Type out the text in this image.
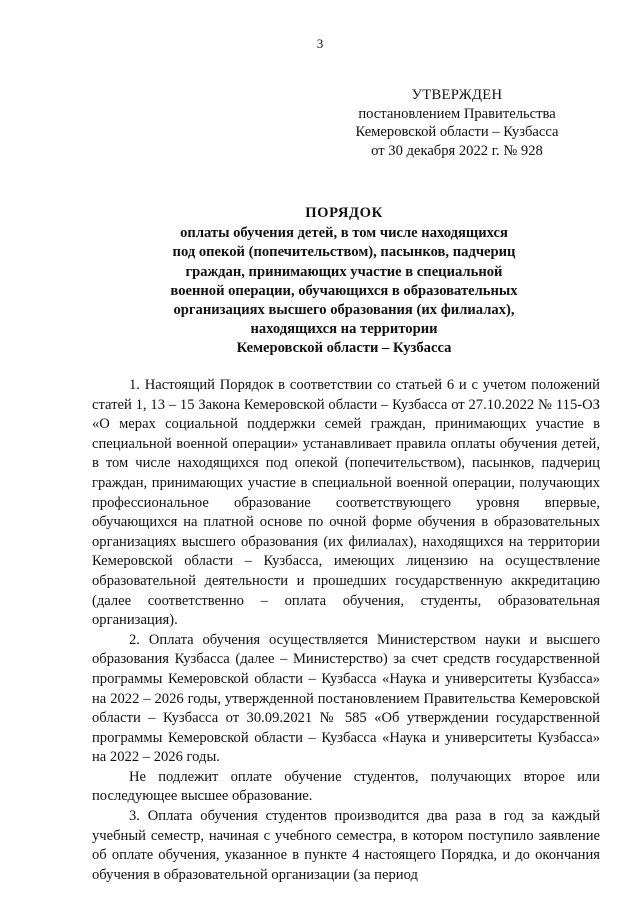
3
УТВЕРЖДЕН
постановлением Правительства
Кемеровской области – Кузбасса
от 30 декабря 2022 г. № 928
ПОРЯДОК
оплаты обучения детей, в том числе находящихся
под опекой (попечительством), пасынков, падчериц
граждан, принимающих участие в специальной
военной операции, обучающихся в образовательных
организациях высшего образования (их филиалах),
находящихся на территории
Кемеровской области – Кузбасса

1. Настоящий Порядок в соответствии со статьей 6 и с учетом положений статей 1, 13 – 15 Закона Кемеровской области – Кузбасса от 27.10.2022 № 115-ОЗ «О мерах социальной поддержки семей граждан, принимающих участие в специальной военной операции» устанавливает правила оплаты обучения детей, в том числе находящихся под опекой (попечительством), пасынков, падчериц граждан, принимающих участие в специальной военной операции, получающих профессиональное образование соответствующего уровня впервые, обучающихся на платной основе по очной форме обучения в образовательных организациях высшего образования (их филиалах), находящихся на территории Кемеровской области – Кузбасса, имеющих лицензию на осуществление образовательной деятельности и прошедших государственную аккредитацию (далее соответственно – оплата обучения, студенты, образовательная организация).

2. Оплата обучения осуществляется Министерством науки и высшего образования Кузбасса (далее – Министерство) за счет средств государственной программы Кемеровской области – Кузбасса «Наука и университеты Кузбасса» на 2022 – 2026 годы, утвержденной постановлением Правительства Кемеровской области – Кузбасса от 30.09.2021 № 585 «Об утверждении государственной программы Кемеровской области – Кузбасса «Наука и университеты Кузбасса» на 2022 – 2026 годы.

Не подлежит оплате обучение студентов, получающих второе или последующее высшее образование.

3. Оплата обучения студентов производится два раза в год за каждый учебный семестр, начиная с учебного семестра, в котором поступило заявление об оплате обучения, указанное в пункте 4 настоящего Порядка, и до окончания обучения в образовательной организации (за период
